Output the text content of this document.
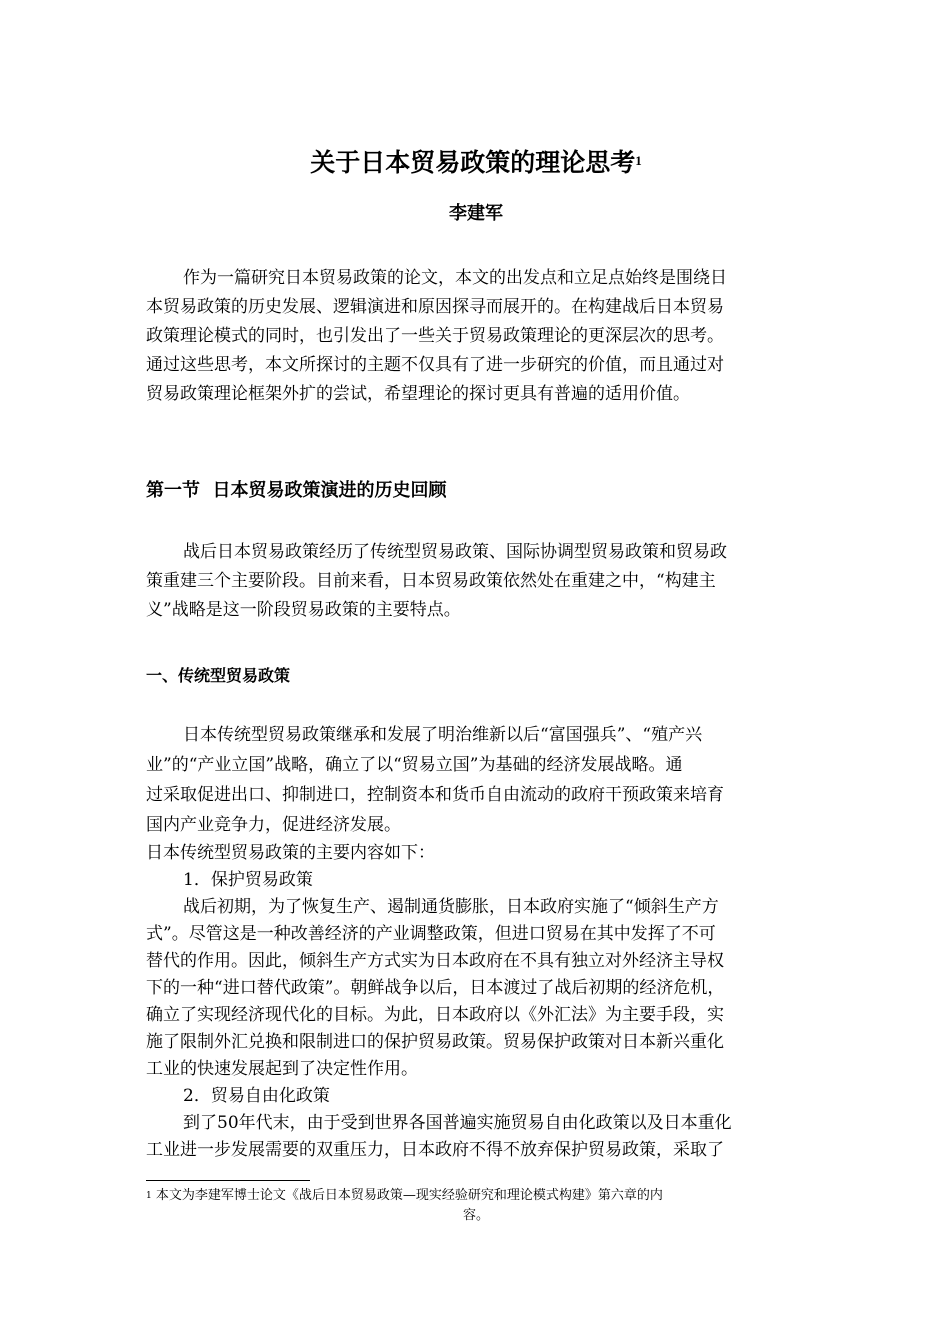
关于日本贸易政策的理论思考$^1$
李建军
作为一篇研究日本贸易政策的论文，本文的出发点和立足点始终是围绕日
本贸易政策的历史发展、逻辑演进和原因探寻而展开的。在构建战后日本贸易
政策理论模式的同时，也引发出了一些关于贸易政策理论的更深层次的思考。
通过这些思考，本文所探讨的主题不仅具有了进一步研究的价值，而且通过对
贸易政策理论框架外扩的尝试，希望理论的探讨更具有普遍的适用价值。
第一节  日本贸易政策演进的历史回顾
战后日本贸易政策经历了传统型贸易政策、国际协调型贸易政策和贸易政
策重建三个主要阶段。目前来看，日本贸易政策依然处在重建之中，“构建主
义”战略是这一阶段贸易政策的主要特点。
一、传统型贸易政策
日本传统型贸易政策继承和发展了明治维新以后“富国强兵”、“殖产兴
业”的“产业立国”战略，确立了以“贸易立国”为基础的经济发展战略。通
过采取促进出口、抑制进口，控制资本和货币自由流动的政府干预政策来培育
国内产业竞争力，促进经济发展。
日本传统型贸易政策的主要内容如下：
1．保护贸易政策
战后初期，为了恢复生产、遏制通货膨胀，日本政府实施了“倾斜生产方
式”。尽管这是一种改善经济的产业调整政策，但进口贸易在其中发挥了不可
替代的作用。因此，倾斜生产方式实为日本政府在不具有独立对外经济主导权
下的一种“进口替代政策”。朝鲜战争以后，日本渡过了战后初期的经济危机，
确立了实现经济现代化的目标。为此，日本政府以《外汇法》为主要手段，实
施了限制外汇兑换和限制进口的保护贸易政策。贸易保护政策对日本新兴重化
工业的快速发展起到了决定性作用。
2．贸易自由化政策
到了50年代末，由于受到世界各国普遍实施贸易自由化政策以及日本重化
工业进一步发展需要的双重压力，日本政府不得不放弃保护贸易政策，采取了
$^1$ 本文为李建军博士论文《战后日本贸易政策—现实经验研究和理论模式构建》第六章的内
容。
